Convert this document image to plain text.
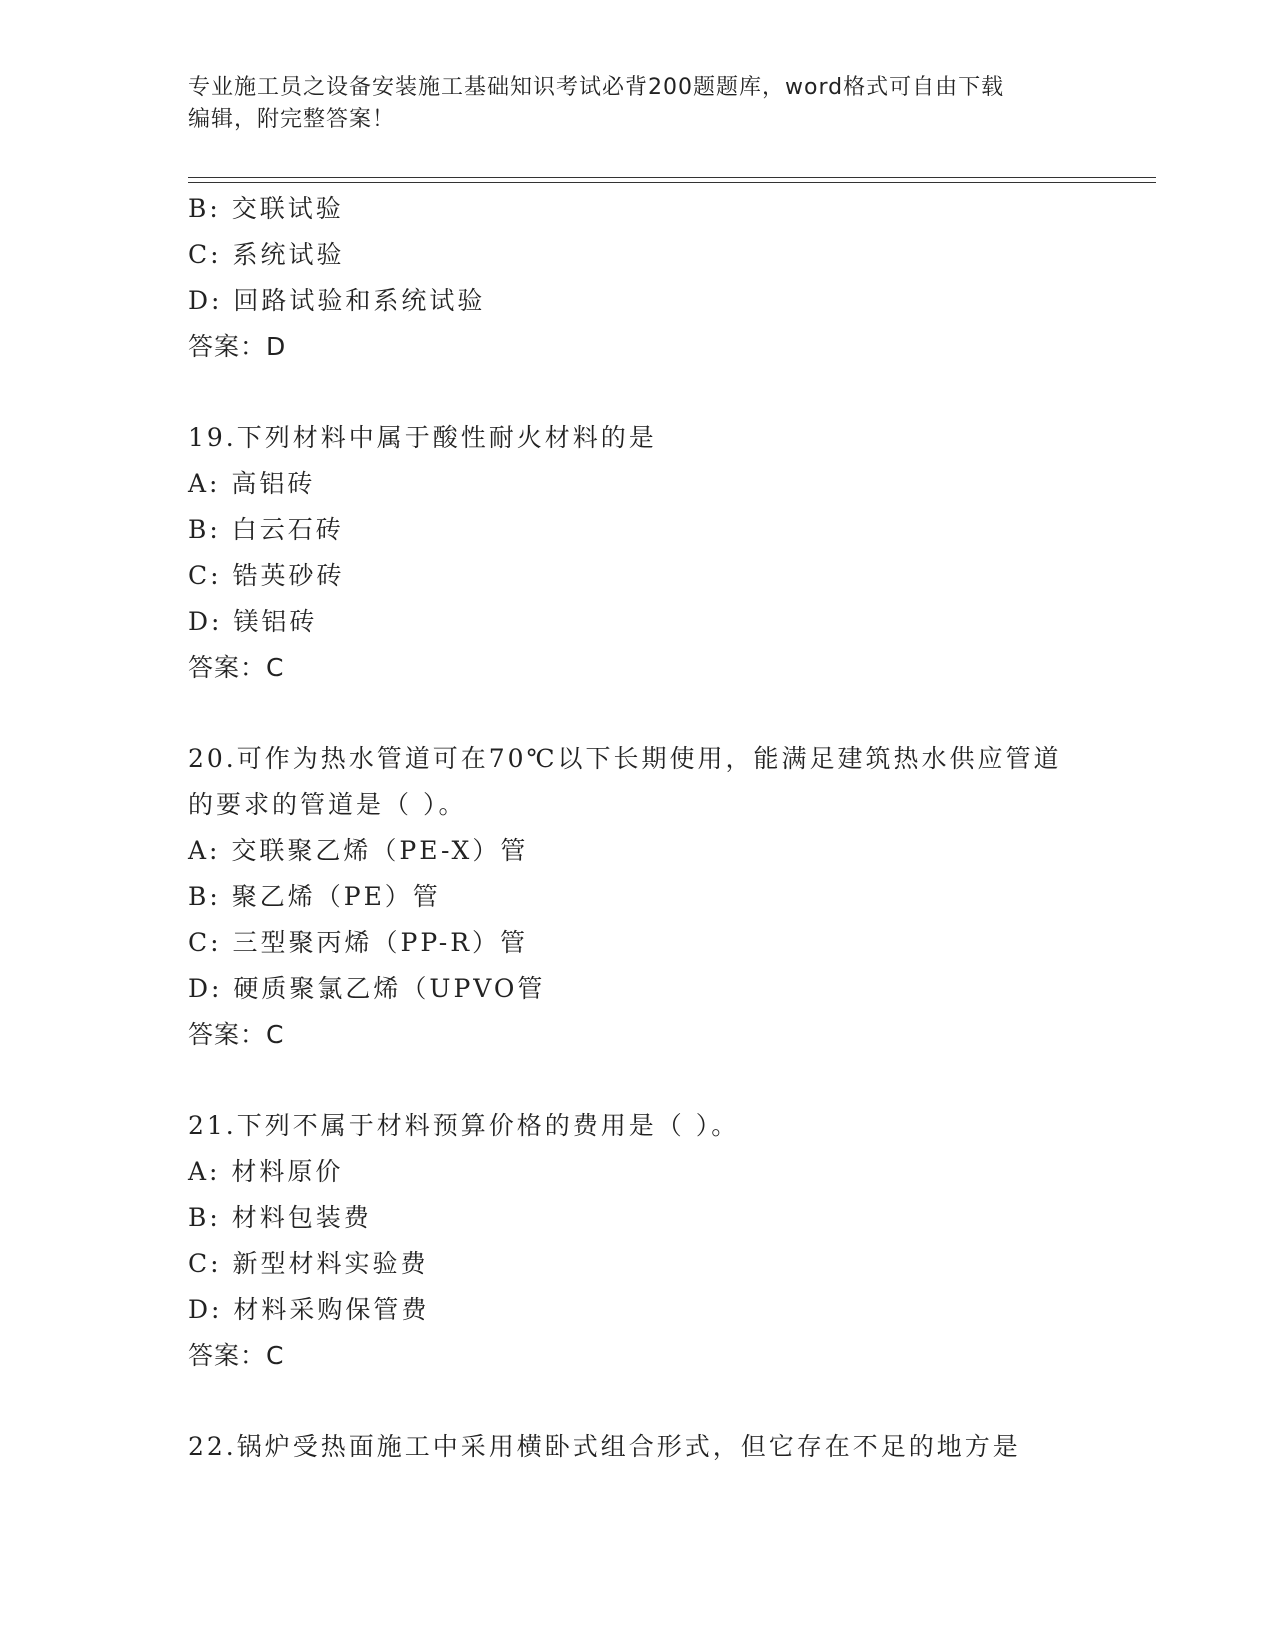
专业施工员之设备安装施工基础知识考试必背200题题库，word格式可自由下载
编辑，附完整答案！
B: 交联试验
C: 系统试验
D: 回路试验和系统试验
答案：D
19.下列材料中属于酸性耐火材料的是
A: 高铝砖
B: 白云石砖
C: 锆英砂砖
D: 镁铝砖
答案：C
20.可作为热水管道可在70℃以下长期使用，能满足建筑热水供应管道
的要求的管道是（ ）。
A: 交联聚乙烯（PE-X）管
B: 聚乙烯（PE）管
C: 三型聚丙烯（PP-R）管
D: 硬质聚氯乙烯（UPVO管
答案：C
21.下列不属于材料预算价格的费用是（ ）。
A: 材料原价
B: 材料包装费
C: 新型材料实验费
D: 材料采购保管费
答案：C
22.锅炉受热面施工中采用横卧式组合形式，但它存在不足的地方是
